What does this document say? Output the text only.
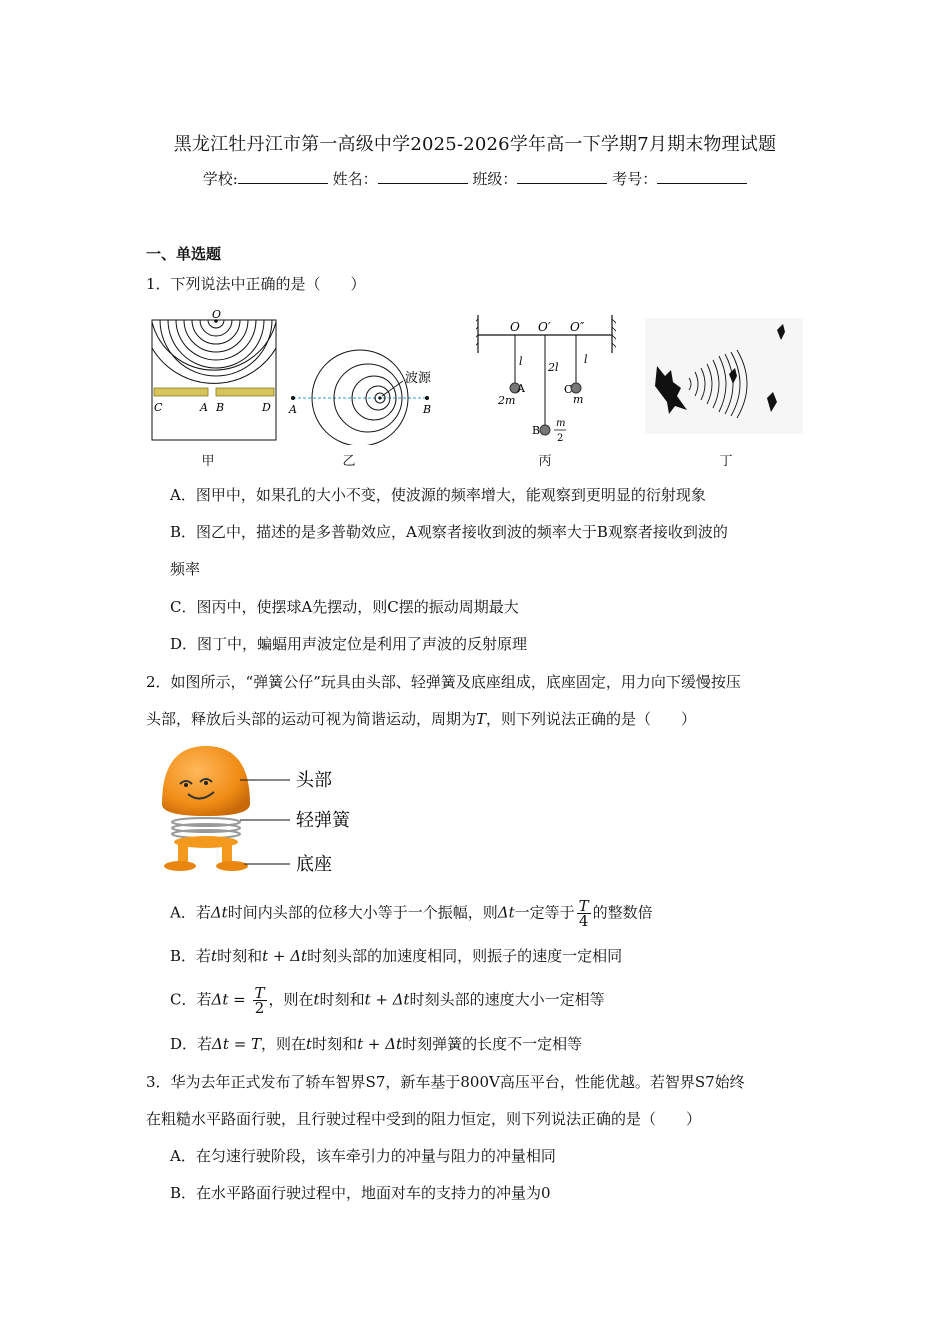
黑龙江牡丹江市第一高级中学2025-2026学年高一下学期7月期末物理试题
学校:	姓名：	班级：	考号：
一、单选题
1．下列说法中正确的是（　　）
O
C	A B	D
甲
A	B
波源
乙
O O′ O″
l 2l
l
A
2m
C
m
B
m
2
丙	丁
A．图甲中，如果孔的大小不变，使波源的频率增大，能观察到更明显的衍射现象
B．图乙中，描述的是多普勒效应，A观察者接收到波的频率大于B观察者接收到波的
频率
C．图丙中，使摆球A先摆动，则C摆的振动周期最大
D．图丁中，蝙蝠用声波定位是利用了声波的反射原理
2．如图所示，“弹簧公仔”玩具由头部、轻弹簧及底座组成，底座固定，用力向下缓慢按压
头部，释放后头部的运动可视为简谐运动，周期为T，则下列说法正确的是（　　）
头部
轻弹簧
底座
A．若Δt时间内头部的位移大小等于一个振幅，则Δt一定等于 $\frac{T}{4}$ 的整数倍
B．若t时刻和t + Δt时刻头部的加速度相同，则振子的速度一定相同
C．若$\Delta t = \frac{T}{2}$ ，则在t时刻和t + Δt时刻头部的速度大小一定相等
D．若Δt = T，则在t时刻和t + Δt时刻弹簧的长度不一定相等
3．华为去年正式发布了轿车智界S7，新车基于800V高压平台，性能优越。若智界S7始终
在粗糙水平路面行驶，且行驶过程中受到的阻力恒定，则下列说法正确的是（　　）
A．在匀速行驶阶段，该车牵引力的冲量与阻力的冲量相同
B．在水平路面行驶过程中，地面对车的支持力的冲量为0
